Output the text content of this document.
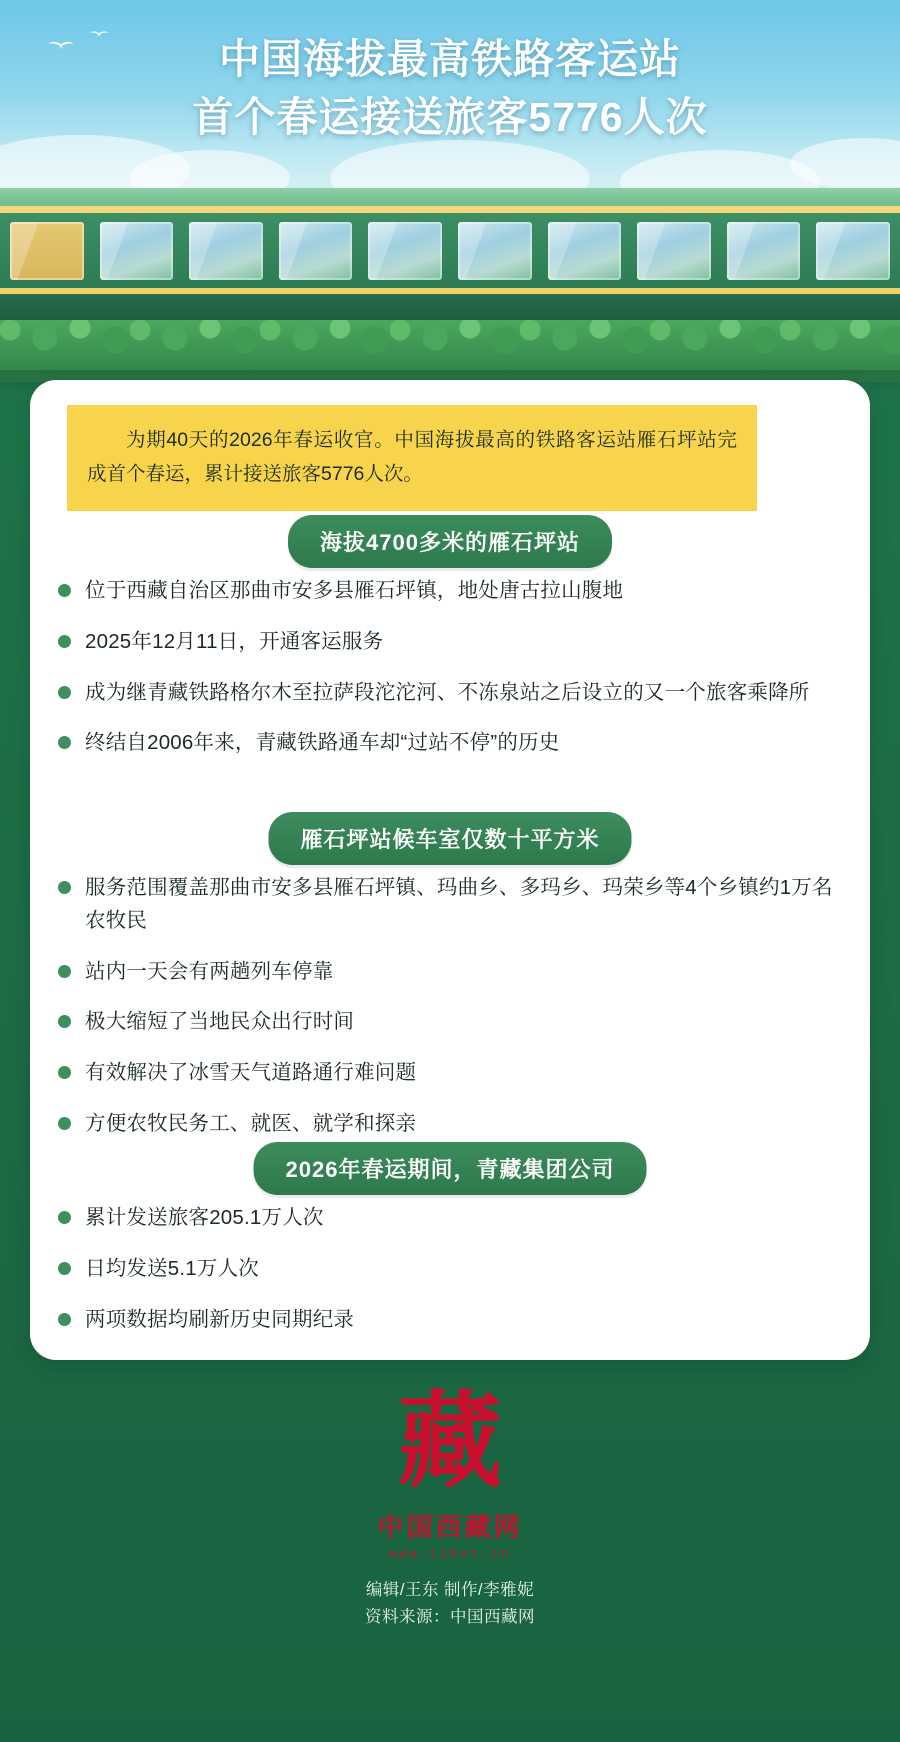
中国海拔最高铁路客运站
首个春运接送旅客5776人次
为期40天的2026年春运收官。中国海拔最高的铁路客运站雁石坪站完成首个春运，累计接送旅客5776人次。
海拔4700多米的雁石坪站
位于西藏自治区那曲市安多县雁石坪镇，地处唐古拉山腹地
2025年12月11日，开通客运服务
成为继青藏铁路格尔木至拉萨段沱沱河、不冻泉站之后设立的又一个旅客乘降所
终结自2006年来，青藏铁路通车却“过站不停”的历史
雁石坪站候车室仅数十平方米
服务范围覆盖那曲市安多县雁石坪镇、玛曲乡、多玛乡、玛荣乡等4个乡镇约1万名农牧民
站内一天会有两趟列车停靠
极大缩短了当地民众出行时间
有效解决了冰雪天气道路通行难问题
方便农牧民务工、就医、就学和探亲
2026年春运期间，青藏集团公司
累计发送旅客205.1万人次
日均发送5.1万人次
两项数据均刷新历史同期纪录
藏
中国西藏网
www.tibet.cn
编辑/王东 制作/李雅妮
资料来源：中国西藏网
